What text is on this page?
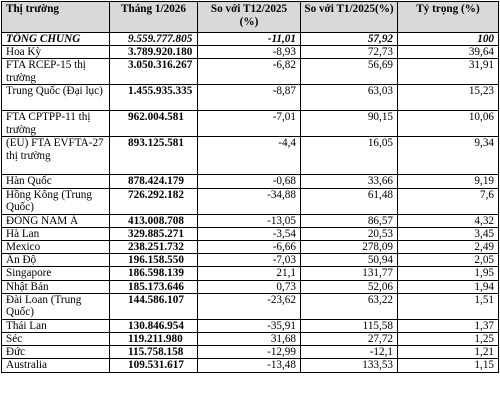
Thị trường	Tháng 1/2026	So với T12/2025 (%)	So với T1/2025(%)	Tỷ trọng (%)
TỔNG CHUNG	9.559.777.805	-11,01	57,92	100
Hoa Kỳ	3.789.920.180	-8,93	72,73	39,64
FTA RCEP-15 thị trường	3.050.316.267	-6,82	56,69	31,91
Trung Quốc (Đại lục)	1.455.935.335	-8,87	63,03	15,23
FTA CPTPP-11 thị trường	962.004.581	-7,01	90,15	10,06
(EU) FTA EVFTA-27 thị trường	893.125.581	-4,4	16,05	9,34
Hàn Quốc	878.424.179	-0,68	33,66	9,19
Hồng Kông (Trung Quốc)	726.292.182	-34,88	61,48	7,6
ĐÔNG NAM Á	413.008.708	-13,05	86,57	4,32
Hà Lan	329.885.271	-3,54	20,53	3,45
Mexico	238.251.732	-6,66	278,09	2,49
Ấn Độ	196.158.550	-7,03	50,94	2,05
Singapore	186.598.139	21,1	131,77	1,95
Nhật Bản	185.173.646	0,73	52,06	1,94
Đài Loan (Trung Quốc)	144.586.107	-23,62	63,22	1,51
Thái Lan	130.846.954	-35,91	115,58	1,37
Séc	119.211.980	31,68	27,72	1,25
Đức	115.758.158	-12,99	-12,1	1,21
Australia	109.531.617	-13,48	133,53	1,15
